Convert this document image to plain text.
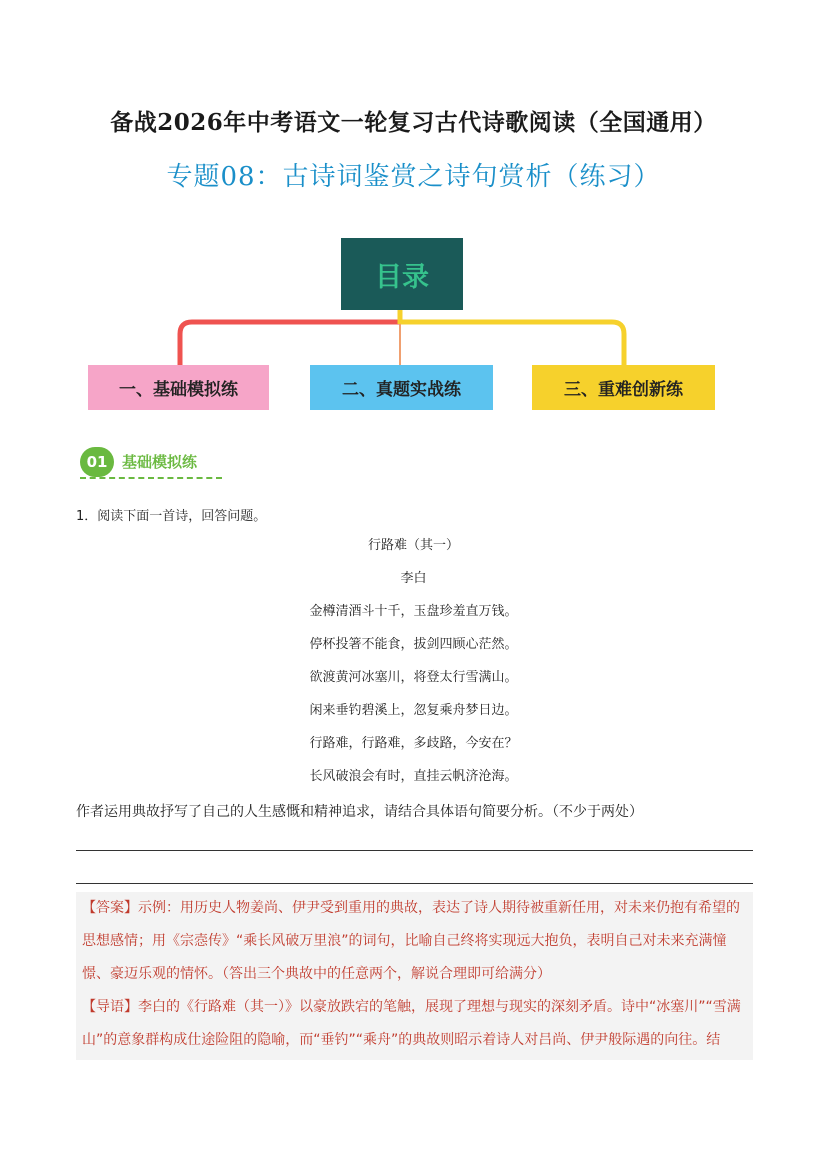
备战2026年中考语文一轮复习古代诗歌阅读（全国通用）
专题08：古诗词鉴赏之诗句赏析（练习）
目录
一、基础模拟练	二、真题实战练	三、重难创新练
01 基础模拟练
1．阅读下面一首诗，回答问题。
行路难（其一）
李白
金樽清酒斗十千，玉盘珍羞直万钱。
停杯投箸不能食，拔剑四顾心茫然。
欲渡黄河冰塞川，将登太行雪满山。
闲来垂钓碧溪上，忽复乘舟梦日边。
行路难，行路难，多歧路，今安在？
长风破浪会有时，直挂云帆济沧海。
作者运用典故抒写了自己的人生感慨和精神追求，请结合具体语句简要分析。（不少于两处）

【答案】示例：用历史人物姜尚、伊尹受到重用的典故，表达了诗人期待被重新任用，对未来仍抱有希望的思想感情；用《宗悫传》“乘长风破万里浪”的词句，比喻自己终将实现远大抱负，表明自己对未来充满憧憬、豪迈乐观的情怀。（答出三个典故中的任意两个，解说合理即可给满分）

【导语】李白的《行路难（其一）》以豪放跌宕的笔触，展现了理想与现实的深刻矛盾。诗中“冰塞川”“雪满山”的意象群构成仕途险阻的隐喻，而“垂钓”“乘舟”的典故则昭示着诗人对吕尚、伊尹般际遇的向往。结
